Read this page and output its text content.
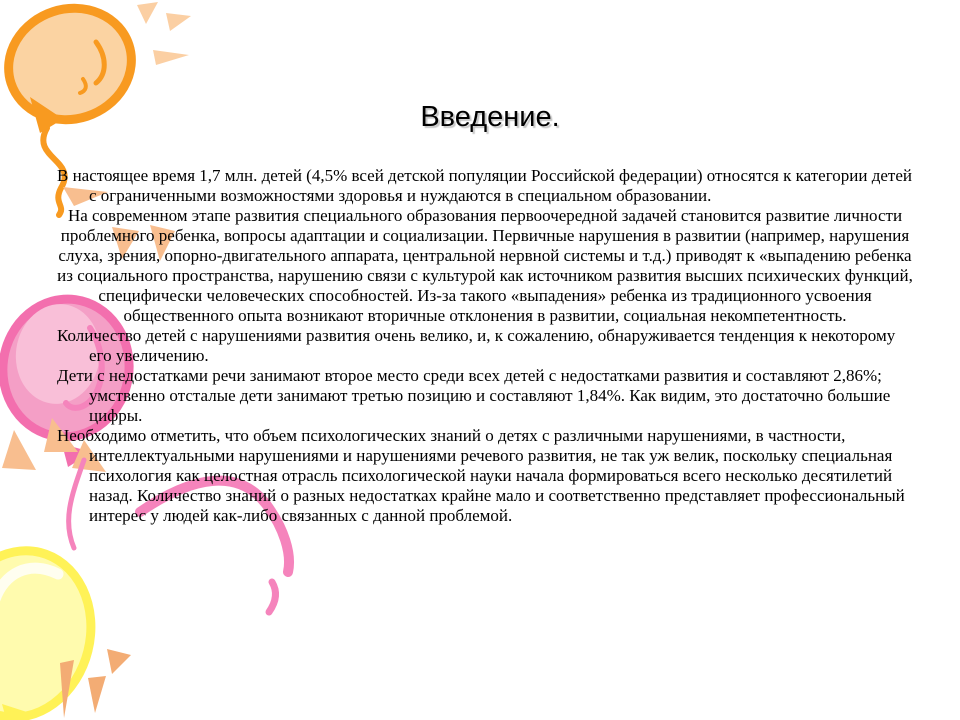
Введение.

В настоящее время 1,7 млн. детей (4,5% всей детской популяции Российской федерации) относятся к категории детей с ограниченными возможностями здоровья и нуждаются в специальном образовании.

На современном этапе развития специального образования первоочередной задачей становится развитие личности проблемного ребенка, вопросы адаптации и социализации. Первичные нарушения в развитии (например, нарушения слуха, зрения, опорно-двигательного аппарата, центральной нервной системы и т.д.) приводят к «выпадению ребенка из социального пространства, нарушению связи с культурой как источником развития высших психических функций, специфически человеческих способностей. Из-за такого «выпадения» ребенка из традиционного усвоения общественного опыта возникают вторичные отклонения в развитии, социальная некомпетентность.

Количество детей с нарушениями развития очень велико, и, к сожалению, обнаруживается тенденция к некоторому его увеличению.

Дети с недостатками речи занимают второе место среди всех детей с недостатками развития и составляют 2,86%; умственно отсталые дети занимают третью позицию и составляют 1,84%. Как видим, это достаточно большие цифры.

Необходимо отметить, что объем психологических знаний о детях с различными нарушениями, в частности, интеллектуальными нарушениями и нарушениями речевого развития, не так уж велик, поскольку специальная психология как целостная отрасль психологической науки начала формироваться всего несколько десятилетий назад. Количество знаний о разных недостатках крайне мало и соответственно представляет профессиональный интерес у людей как-либо связанных с данной проблемой.
